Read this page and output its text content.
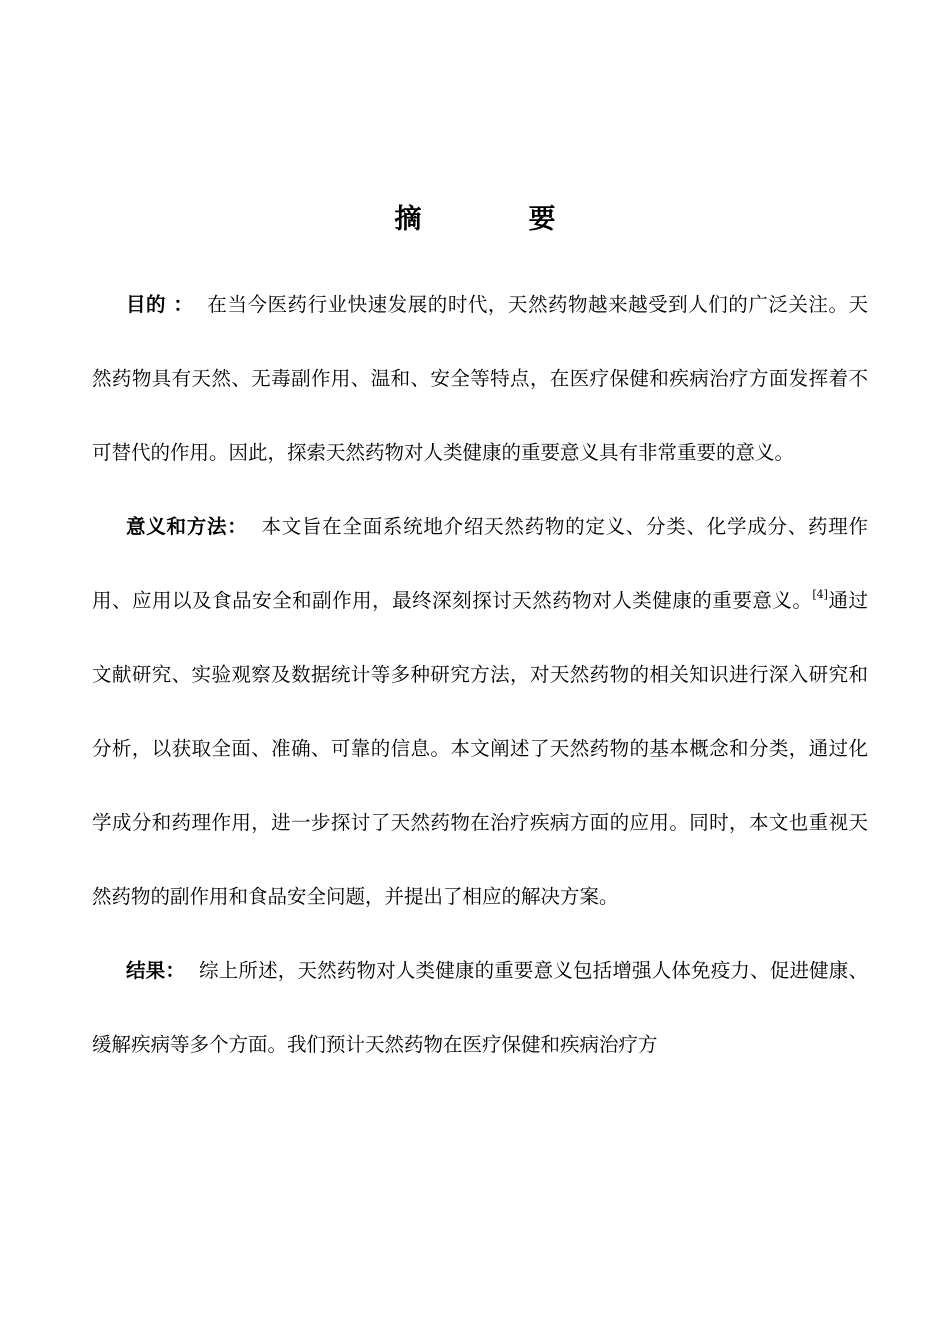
摘　要

目的 ： 在当今医药行业快速发展的时代，天然药物越来越受到人们的广泛关注。天然药物具有天然、无毒副作用、温和、安全等特点，在医疗保健和疾病治疗方面发挥着不可替代的作用。因此，探索天然药物对人类健康的重要意义具有非常重要的意义。

意义和方法： 本文旨在全面系统地介绍天然药物的定义、分类、化学成分、药理作用、应用以及食品安全和副作用，最终深刻探讨天然药物对人类健康的重要意义。[4]通过文献研究、实验观察及数据统计等多种研究方法，对天然药物的相关知识进行深入研究和分析，以获取全面、准确、可靠的信息。本文阐述了天然药物的基本概念和分类，通过化学成分和药理作用，进一步探讨了天然药物在治疗疾病方面的应用。同时，本文也重视天然药物的副作用和食品安全问题，并提出了相应的解决方案。

结果： 综上所述，天然药物对人类健康的重要意义包括增强人体免疫力、促进健康、缓解疾病等多个方面。我们预计天然药物在医疗保健和疾病治疗方
